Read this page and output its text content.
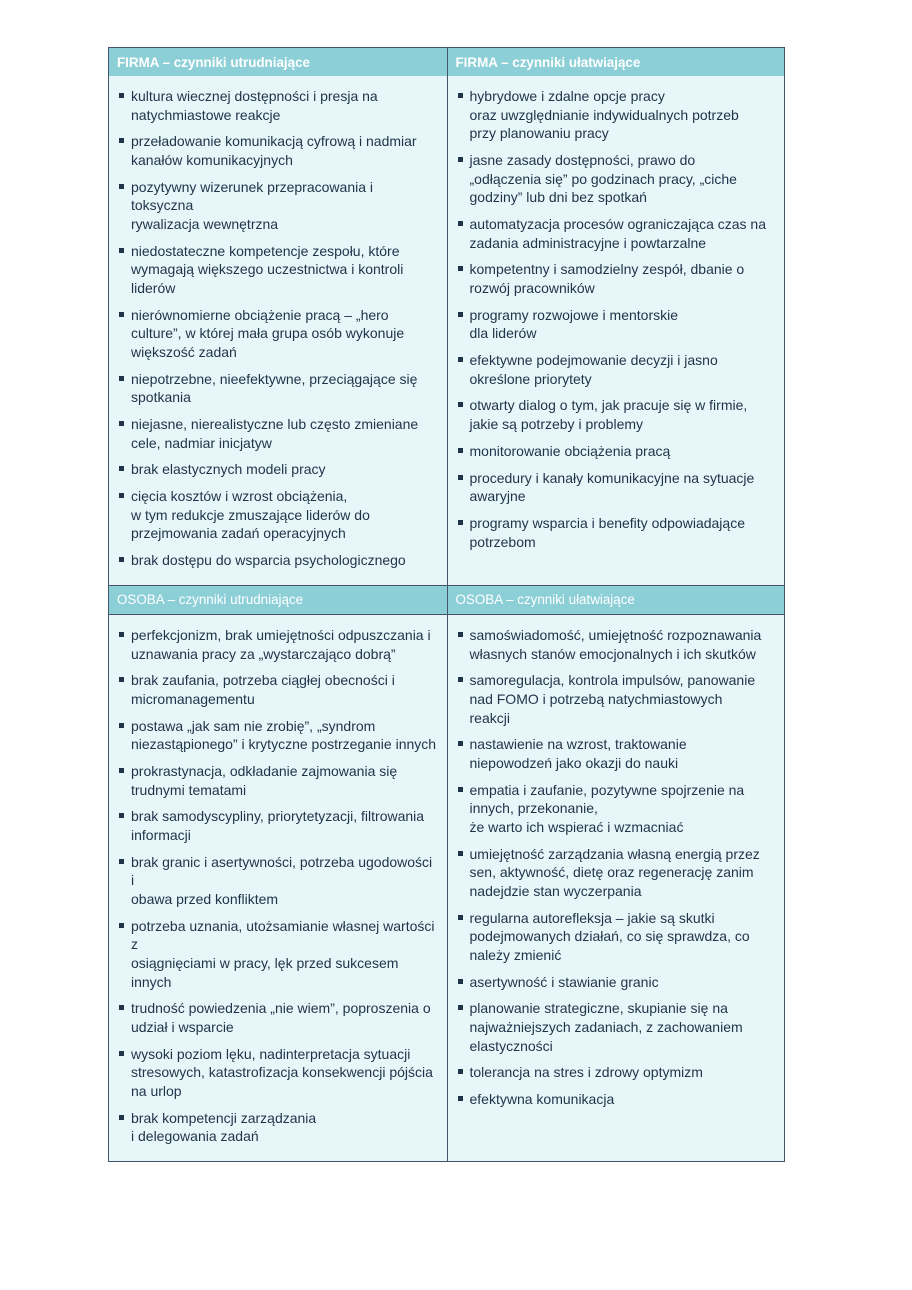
FIRMA – czynniki utrudniające	FIRMA – czynniki ułatwiające
kultura wiecznej dostępności i presja na
natychmiastowe reakcje
przeładowanie komunikacją cyfrową i nadmiar
kanałów komunikacyjnych
pozytywny wizerunek przepracowania i toksyczna
rywalizacja wewnętrzna
niedostateczne kompetencje zespołu, które
wymagają większego uczestnictwa i kontroli
liderów
nierównomierne obciążenie pracą – „hero
culture”, w której mała grupa osób wykonuje
większość zadań
niepotrzebne, nieefektywne, przeciągające się
spotkania
niejasne, nierealistyczne lub często zmieniane
cele, nadmiar inicjatyw
brak elastycznych modeli pracy
cięcia kosztów i wzrost obciążenia,
w tym redukcje zmuszające liderów do
przejmowania zadań operacyjnych
brak dostępu do wsparcia psychologicznego
hybrydowe i zdalne opcje pracy
oraz uwzględnianie indywidualnych potrzeb
przy planowaniu pracy
jasne zasady dostępności, prawo do
„odłączenia się” po godzinach pracy, „ciche
godziny” lub dni bez spotkań
automatyzacja procesów ograniczająca czas na
zadania administracyjne i powtarzalne
kompetentny i samodzielny zespół, dbanie o
rozwój pracowników
programy rozwojowe i mentorskie
dla liderów
efektywne podejmowanie decyzji i jasno
określone priorytety
otwarty dialog o tym, jak pracuje się w firmie,
jakie są potrzeby i problemy
monitorowanie obciążenia pracą
procedury i kanały komunikacyjne na sytuacje
awaryjne
programy wsparcia i benefity odpowiadające
potrzebom
OSOBA – czynniki utrudniające	OSOBA – czynniki ułatwiające
perfekcjonizm, brak umiejętności odpuszczania i
uznawania pracy za „wystarczająco dobrą”
brak zaufania, potrzeba ciągłej obecności i
micromanagementu
postawa „jak sam nie zrobię”, „syndrom
niezastąpionego” i krytyczne postrzeganie innych
prokrastynacja, odkładanie zajmowania się
trudnymi tematami
brak samodyscypliny, priorytetyzacji, filtrowania
informacji
brak granic i asertywności, potrzeba ugodowości i
obawa przed konfliktem
potrzeba uznania, utożsamianie własnej wartości z
osiągnięciami w pracy, lęk przed sukcesem innych
trudność powiedzenia „nie wiem”, poproszenia o
udział i wsparcie
wysoki poziom lęku, nadinterpretacja sytuacji
stresowych, katastrofizacja konsekwencji pójścia
na urlop
brak kompetencji zarządzania
i delegowania zadań
samoświadomość, umiejętność rozpoznawania
własnych stanów emocjonalnych i ich skutków
samoregulacja, kontrola impulsów, panowanie
nad FOMO i potrzebą natychmiastowych
reakcji
nastawienie na wzrost, traktowanie
niepowodzeń jako okazji do nauki
empatia i zaufanie, pozytywne spojrzenie na
innych, przekonanie,
że warto ich wspierać i wzmacniać
umiejętność zarządzania własną energią przez
sen, aktywność, dietę oraz regenerację zanim
nadejdzie stan wyczerpania
regularna autorefleksja – jakie są skutki
podejmowanych działań, co się sprawdza, co
należy zmienić
asertywność i stawianie granic
planowanie strategiczne, skupianie się na
najważniejszych zadaniach, z zachowaniem
elastyczności
tolerancja na stres i zdrowy optymizm
efektywna komunikacja
